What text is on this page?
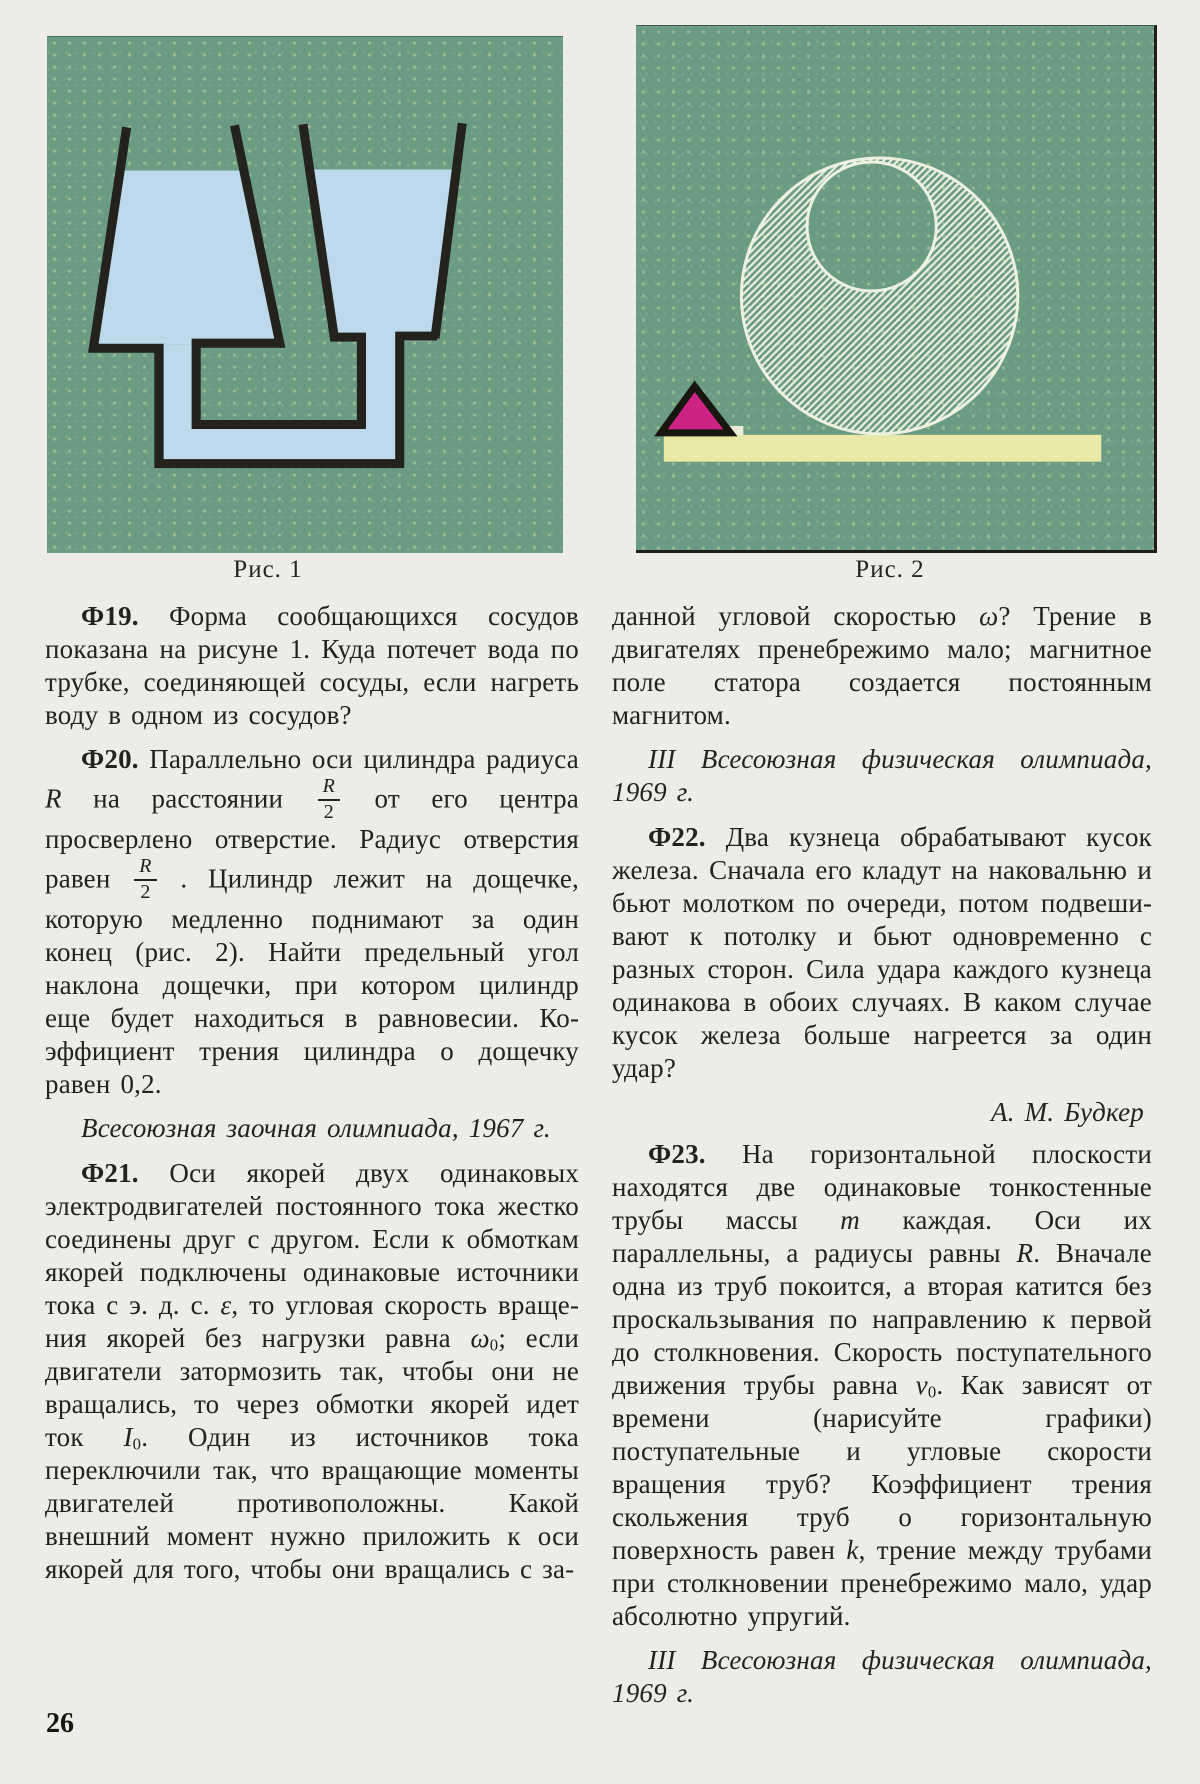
Рис. 1	Рис. 2

Ф19. Форма сообщающихся сосудов показана на рисуне 1. Куда потечет вода по трубке, соединяющей сосуды, если нагреть воду в одном из сосудов?

Ф20. Параллельно оси цилиндра радиуса R на расстоянии $\frac{R}{2}$ от его центра просверлено отверстие. Радиус отверстия равен $\frac{R}{2}$ . Цилиндр лежит на дощечке, которую медленно поднимают за один конец (рис. 2). Найти предельный угол наклона дощечки, при котором цилиндр еще будет находиться в равновесии. Коэффициент трения цилиндра о дощечку равен 0,2.

Всесоюзная заочная олимпиада, 1967 г.

Ф21. Оси якорей двух одинаковых электродвигателей постоянного тока жестко соединены друг с другом. Если к обмоткам якорей подключены одинаковые источники тока с э. д. с. ε, то угловая скорость вращения якорей без нагрузки равна ω0; если двигатели затормозить так, чтобы они не вращались, то через обмотки якорей идет ток I0. Один из источников тока переключили так, что вращающие моменты двигателей противоположны. Какой внешний момент нужно приложить к оси якорей для того, чтобы они вращались с за-

данной угловой скоростью ω? Трение в двигателях пренебрежимо мало; магнитное поле статора создается постоянным магнитом.

III Всесоюзная физическая олимпиада, 1969 г.

Ф22. Два кузнеца обрабатывают кусок железа. Сначала его кладут на наковальню и бьют молотком по очереди, потом подвешивают к потолку и бьют одновременно с разных сторон. Сила удара каждого кузнеца одинакова в обоих случаях. В каком случае кусок железа больше нагреется за один удар?

А. М. Будкер

Ф23. На горизонтальной плоскости находятся две одинаковые тонкостенные трубы массы m каждая. Оси их параллельны, а радиусы равны R. Вначале одна из труб покоится, а вторая катится без проскальзывания по направлению к первой до столкновения. Скорость поступательного движения трубы равна v0. Как зависят от времени (нарисуйте графики) поступательные и угловые скорости вращения труб? Коэффициент трения скольжения труб о горизонтальную поверхность равен k, трение между трубами при столкновении пренебрежимо мало, удар абсолютно упругий.

III Всесоюзная физическая олимпиада, 1969 г.

26
